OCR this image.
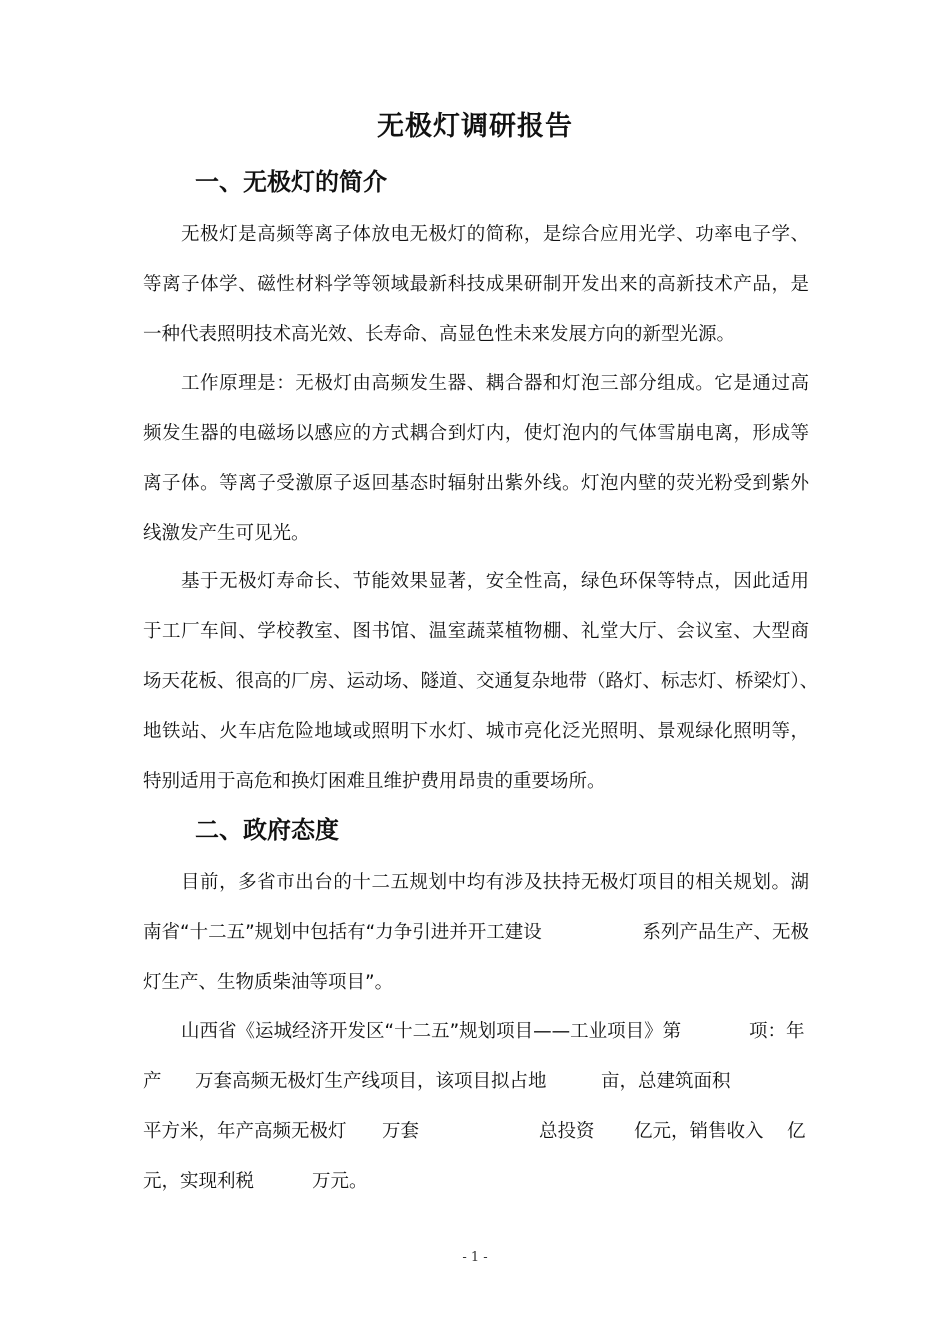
无极灯调研报告
一、无极灯的简介
无极灯是高频等离子体放电无极灯的简称，是综合应用光学、功率电子学、
等离子体学、磁性材料学等领域最新科技成果研制开发出来的高新技术产品，是
一种代表照明技术高光效、长寿命、高显色性未来发展方向的新型光源。
工作原理是：无极灯由高频发生器、耦合器和灯泡三部分组成。它是通过高
频发生器的电磁场以感应的方式耦合到灯内，使灯泡内的气体雪崩电离，形成等
离子体。等离子受激原子返回基态时辐射出紫外线。灯泡内壁的荧光粉受到紫外
线激发产生可见光。
基于无极灯寿命长、节能效果显著，安全性高，绿色环保等特点，因此适用
于工厂车间、学校教室、图书馆、温室蔬菜植物棚、礼堂大厅、会议室、大型商
场天花板、很高的厂房、运动场、隧道、交通复杂地带（路灯、标志灯、桥梁灯）、
地铁站、火车店危险地域或照明下水灯、城市亮化泛光照明、景观绿化照明等，
特别适用于高危和换灯困难且维护费用昂贵的重要场所。
二、政府态度
目前，多省市出台的十二五规划中均有涉及扶持无极灯项目的相关规划。湖
南省“十二五”规划中包括有“力争引进并开工建设	系列产品生产、无极
灯生产、生物质柴油等项目”。
山西省《运城经济开发区“十二五”规划项目——工业项目》第	项：年
产 万套高频无极灯生产线项目，该项目拟占地	亩，总建筑面积
平方米，年产高频无极灯 万套	总投资 亿元，销售收入 亿
元，实现利税	万元。
- 1 -
